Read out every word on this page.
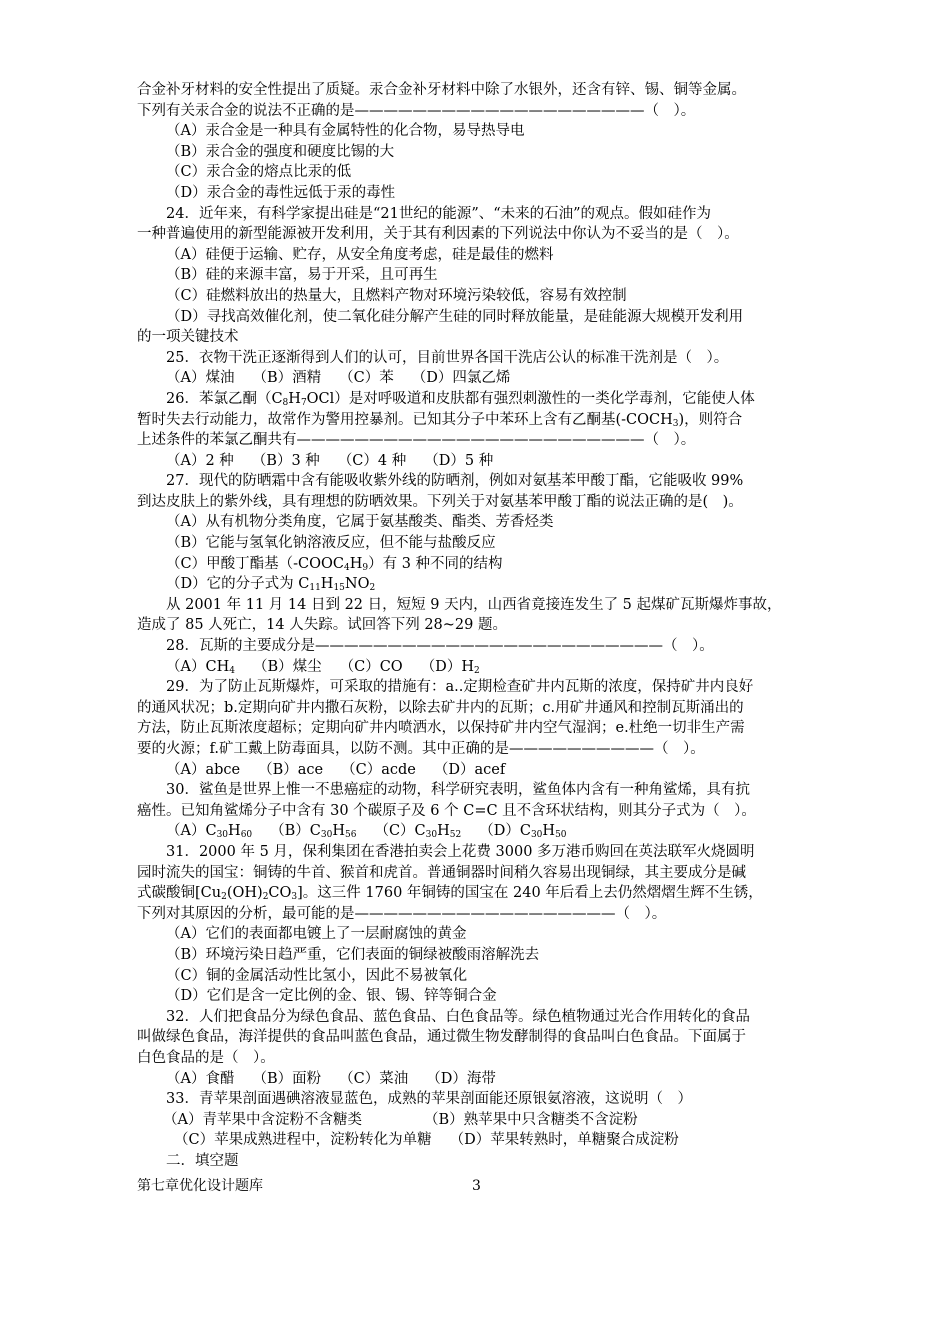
合金补牙材料的安全性提出了质疑。汞合金补牙材料中除了水银外，还含有锌、锡、铜等金属。
下列有关汞合金的说法不正确的是————————————————————（　）。
（A）汞合金是一种具有金属特性的化合物，易导热导电
（B）汞合金的强度和硬度比锡的大
（C）汞合金的熔点比汞的低
（D）汞合金的毒性远低于汞的毒性
24．近年来，有科学家提出硅是“21世纪的能源”、“未来的石油”的观点。假如硅作为
一种普遍使用的新型能源被开发利用，关于其有利因素的下列说法中你认为不妥当的是（　）。
（A）硅便于运输、贮存，从安全角度考虑，硅是最佳的燃料
（B）硅的来源丰富，易于开采，且可再生
（C）硅燃料放出的热量大，且燃料产物对环境污染较低，容易有效控制
（D）寻找高效催化剂，使二氧化硅分解产生硅的同时释放能量，是硅能源大规模开发利用
的一项关键技术
25．衣物干洗正逐渐得到人们的认可，目前世界各国干洗店公认的标准干洗剂是（　）。
（A）煤油 （B）酒精 （C）苯 （D）四氯乙烯
26．苯氯乙酮$(C_8H_7OCl)$是对呼吸道和皮肤都有强烈刺激性的一类化学毒剂，它能使人体
暂时失去行动能力，故常作为警用控暴剂。已知其分子中苯环上含有乙酮基$(-COCH_3)$，则符合
上述条件的苯氯乙酮共有————————————————————————（　）。
（A）2 种 （B）3 种 （C）4 种 （D）5 种
27．现代的防晒霜中含有能吸收紫外线的防晒剂，例如对氨基苯甲酸丁酯，它能吸收 99%
到达皮肤上的紫外线，具有理想的防晒效果。下列关于对氨基苯甲酸丁酯的说法正确的是(　)。
（A）从有机物分类角度，它属于氨基酸类、酯类、芳香烃类
（B）它能与氢氧化钠溶液反应，但不能与盐酸反应
（C）甲酸丁酯基$(-COOC_4H_9)$有 3 种不同的结构
（D）它的分子式为 $C_{11}H_{15}NO_2$
从 2001 年 11 月 14 日到 22 日，短短 9 天内，山西省竟接连发生了 5 起煤矿瓦斯爆炸事故，
造成了 85 人死亡，14 人失踪。试回答下列 28~29 题。
28．瓦斯的主要成分是————————————————————————（　）。
$(A)CH_4$ （B）煤尘 （C）CO $(D)H_2$
29．为了防止瓦斯爆炸，可采取的措施有：a..定期检查矿井内瓦斯的浓度，保持矿井内良好
的通风状况；b.定期向矿井内撒石灰粉，以除去矿井内的瓦斯；c.用矿井通风和控制瓦斯涌出的
方法，防止瓦斯浓度超标；定期向矿井内喷洒水，以保持矿井内空气湿润；e.杜绝一切非生产需
要的火源；f.矿工戴上防毒面具，以防不测。其中正确的是——————————（　）。
（A）abce （B）ace （C）acde （D）acef
30．鲨鱼是世界上惟一不患癌症的动物，科学研究表明，鲨鱼体内含有一种角鲨烯，具有抗
癌性。已知角鲨烯分子中含有 30 个碳原子及 6 个 C=C 且不含环状结构，则其分子式为（　）。
$(A)C_{30}H_{60}$ $(B)C_{30}H_{56}$ $(C)C_{30}H_{52}$ $(D)C_{30}H_{50}$
31．2000 年 5 月，保利集团在香港拍卖会上花费 3000 多万港币购回在英法联军火烧圆明
园时流失的国宝：铜铸的牛首、猴首和虎首。普通铜器时间稍久容易出现铜绿，其主要成分是碱
式碳酸铜$[Cu_2(OH)_2CO_3]$。这三件 1760 年铜铸的国宝在 240 年后看上去仍然熠熠生辉不生锈，
下列对其原因的分析，最可能的是——————————————————（　）。
（A）它们的表面都电镀上了一层耐腐蚀的黄金
（B）环境污染日趋严重，它们表面的铜绿被酸雨溶解洗去
（C）铜的金属活动性比氢小，因此不易被氧化
（D）它们是含一定比例的金、银、锡、锌等铜合金
32．人们把食品分为绿色食品、蓝色食品、白色食品等。绿色植物通过光合作用转化的食品
叫做绿色食品，海洋提供的食品叫蓝色食品，通过微生物发酵制得的食品叫白色食品。下面属于
白色食品的是（　）。
（A）食醋 （B）面粉 （C）菜油 （D）海带
33．青苹果剖面遇碘溶液显蓝色，成熟的苹果剖面能还原银氨溶液，这说明（　）
（A）青苹果中含淀粉不含糖类	（B）熟苹果中只含糖类不含淀粉
（C）苹果成熟进程中，淀粉转化为单糖 （D）苹果转熟时，单糖聚合成淀粉
二．填空题
第七章优化设计题库	3
